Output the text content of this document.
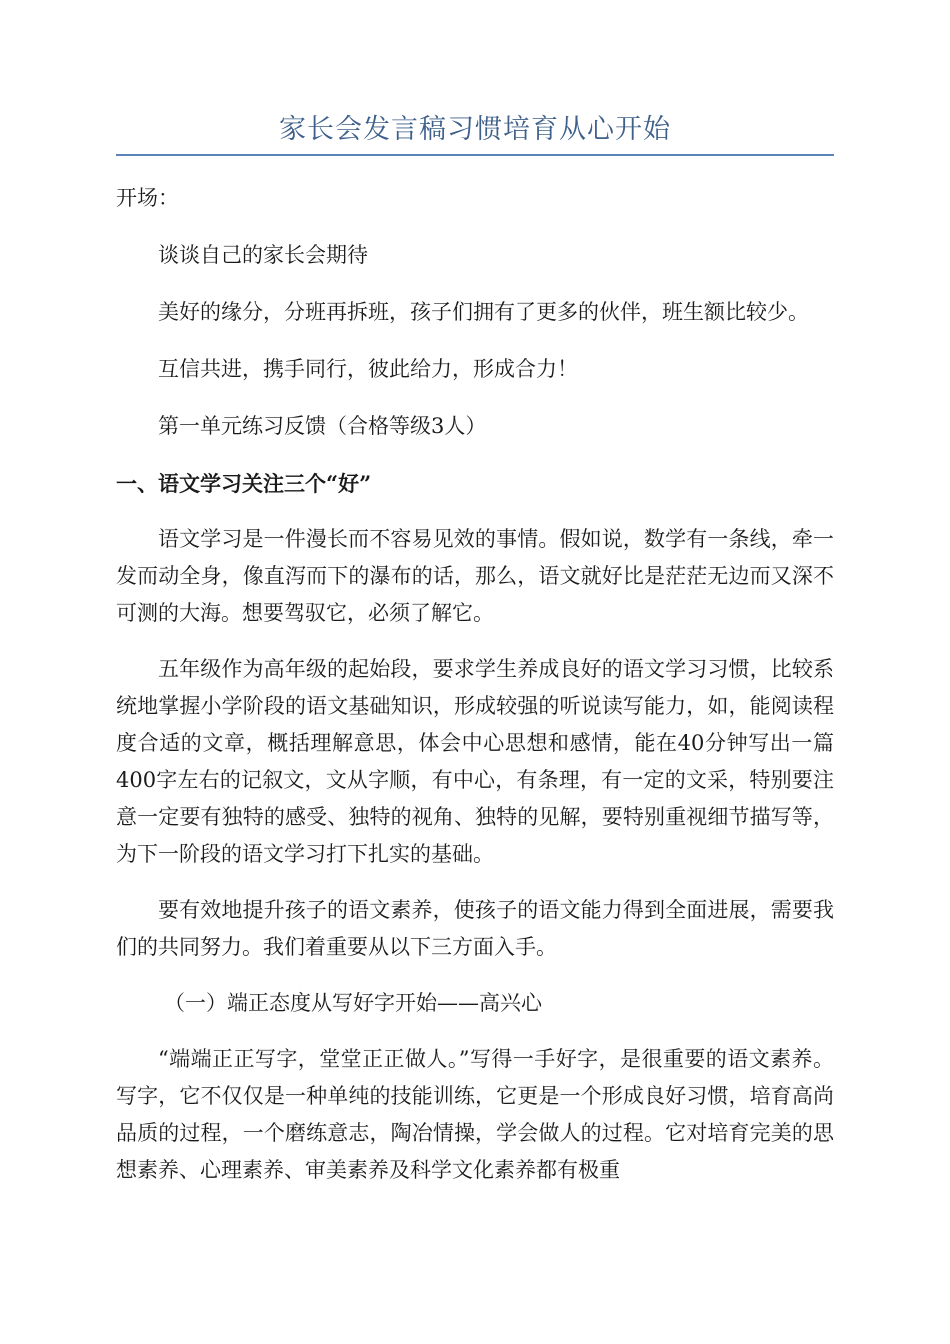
家长会发言稿习惯培育从心开始

开场：

谈谈自己的家长会期待

美好的缘分，分班再拆班，孩子们拥有了更多的伙伴，班生额比较少。

互信共进，携手同行，彼此给力，形成合力！

第一单元练习反馈（合格等级3人）

一、语文学习关注三个“好”

语文学习是一件漫长而不容易见效的事情。假如说，数学有一条线，牵一发而动全身，像直泻而下的瀑布的话，那么，语文就好比是茫茫无边而又深不可测的大海。想要驾驭它，必须了解它。

五年级作为高年级的起始段，要求学生养成良好的语文学习习惯，比较系统地掌握小学阶段的语文基础知识，形成较强的听说读写能力，如，能阅读程度合适的文章，概括理解意思，体会中心思想和感情，能在40分钟写出一篇400字左右的记叙文，文从字顺，有中心，有条理，有一定的文采，特别要注意一定要有独特的感受、独特的视角、独特的见解，要特别重视细节描写等，为下一阶段的语文学习打下扎实的基础。

要有效地提升孩子的语文素养，使孩子的语文能力得到全面进展，需要我们的共同努力。我们着重要从以下三方面入手。

（一）端正态度从写好字开始——高兴心

“端端正正写字，堂堂正正做人。”写得一手好字，是很重要的语文素养。写字，它不仅仅是一种单纯的技能训练，它更是一个形成良好习惯，培育高尚品质的过程，一个磨练意志，陶冶情操，学会做人的过程。它对培育完美的思想素养、心理素养、审美素养及科学文化素养都有极重
